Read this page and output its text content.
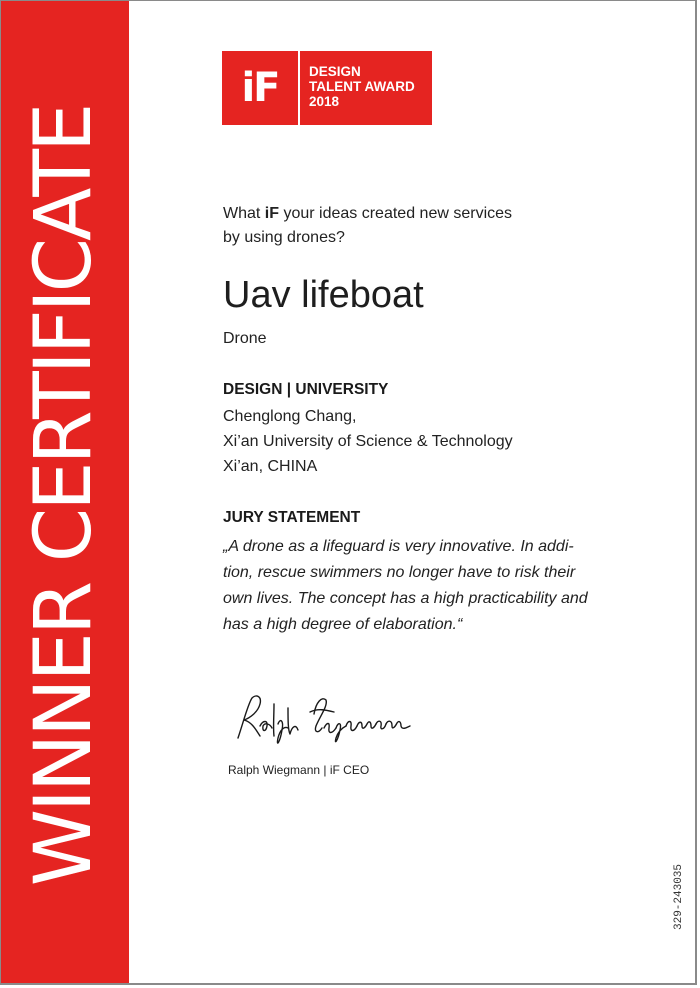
WINNER CERTIFICATE
iF	DESIGN
TALENT AWARD
2018
What iF your ideas created new services
by using drones?
Uav lifeboat
Drone
DESIGN | UNIVERSITY
Chenglong Chang,
Xi’an University of Science & Technology
Xi’an, CHINA
JURY STATEMENT
„A drone as a lifeguard is very innovative. In addi-
tion, rescue swimmers no longer have to risk their
own lives. The concept has a high practicability and
has a high degree of elaboration.“
Ralph Wiegmann | iF CEO
329-243035
